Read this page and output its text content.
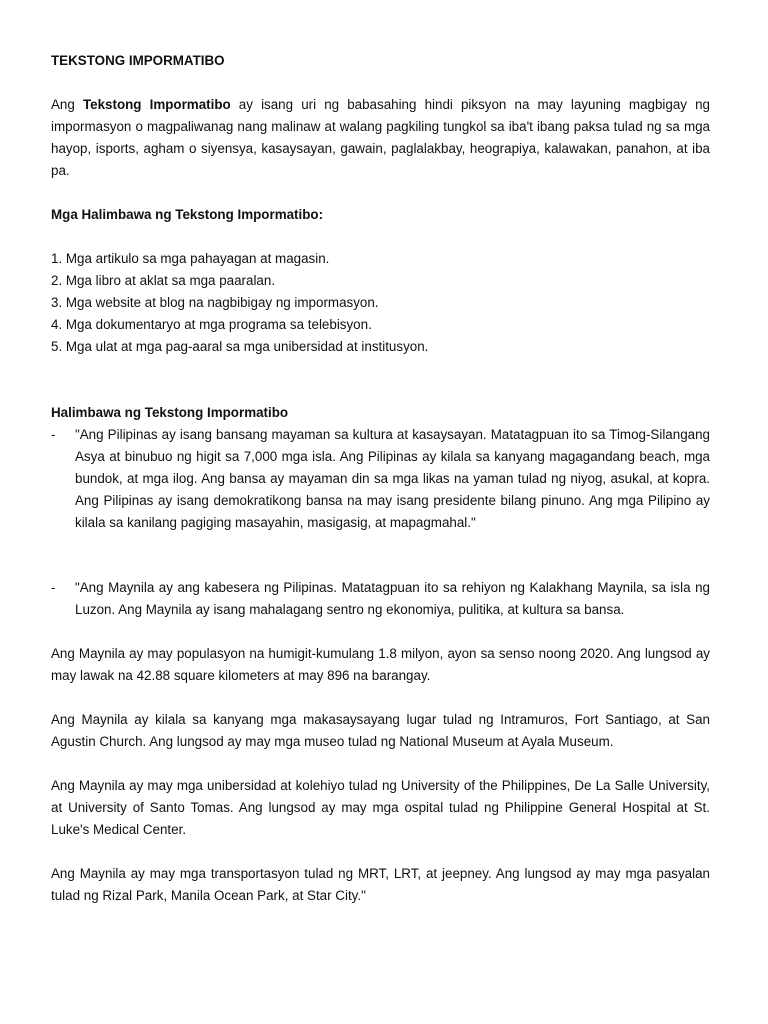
TEKSTONG IMPORMATIBO

Ang Tekstong Impormatibo ay isang uri ng babasahing hindi piksyon na may layuning magbigay ng impormasyon o magpaliwanag nang malinaw at walang pagkiling tungkol sa iba't ibang paksa tulad ng sa mga hayop, isports, agham o siyensya, kasaysayan, gawain, paglalakbay, heograpiya, kalawakan, panahon, at iba pa.

Mga Halimbawa ng Tekstong Impormatibo:

1. Mga artikulo sa mga pahayagan at magasin.

2. Mga libro at aklat sa mga paaralan.

3. Mga website at blog na nagbibigay ng impormasyon.

4. Mga dokumentaryo at mga programa sa telebisyon.

5. Mga ulat at mga pag-aaral sa mga unibersidad at institusyon.

Halimbawa ng Tekstong Impormatibo

-	"Ang Pilipinas ay isang bansang mayaman sa kultura at kasaysayan. Matatagpuan ito sa Timog-Silangang Asya at binubuo ng higit sa 7,000 mga isla. Ang Pilipinas ay kilala sa kanyang magagandang beach, mga bundok, at mga ilog. Ang bansa ay mayaman din sa mga likas na yaman tulad ng niyog, asukal, at kopra. Ang Pilipinas ay isang demokratikong bansa na may isang presidente bilang pinuno. Ang mga Pilipino ay kilala sa kanilang pagiging masayahin, masigasig, at mapagmahal."
-	"Ang Maynila ay ang kabesera ng Pilipinas. Matatagpuan ito sa rehiyon ng Kalakhang Maynila, sa isla ng Luzon. Ang Maynila ay isang mahalagang sentro ng ekonomiya, pulitika, at kultura sa bansa.

Ang Maynila ay may populasyon na humigit-kumulang 1.8 milyon, ayon sa senso noong 2020. Ang lungsod ay may lawak na 42.88 square kilometers at may 896 na barangay.

Ang Maynila ay kilala sa kanyang mga makasaysayang lugar tulad ng Intramuros, Fort Santiago, at San Agustin Church. Ang lungsod ay may mga museo tulad ng National Museum at Ayala Museum.

Ang Maynila ay may mga unibersidad at kolehiyo tulad ng University of the Philippines, De La Salle University, at University of Santo Tomas. Ang lungsod ay may mga ospital tulad ng Philippine General Hospital at St. Luke's Medical Center.

Ang Maynila ay may mga transportasyon tulad ng MRT, LRT, at jeepney. Ang lungsod ay may mga pasyalan tulad ng Rizal Park, Manila Ocean Park, at Star City."
